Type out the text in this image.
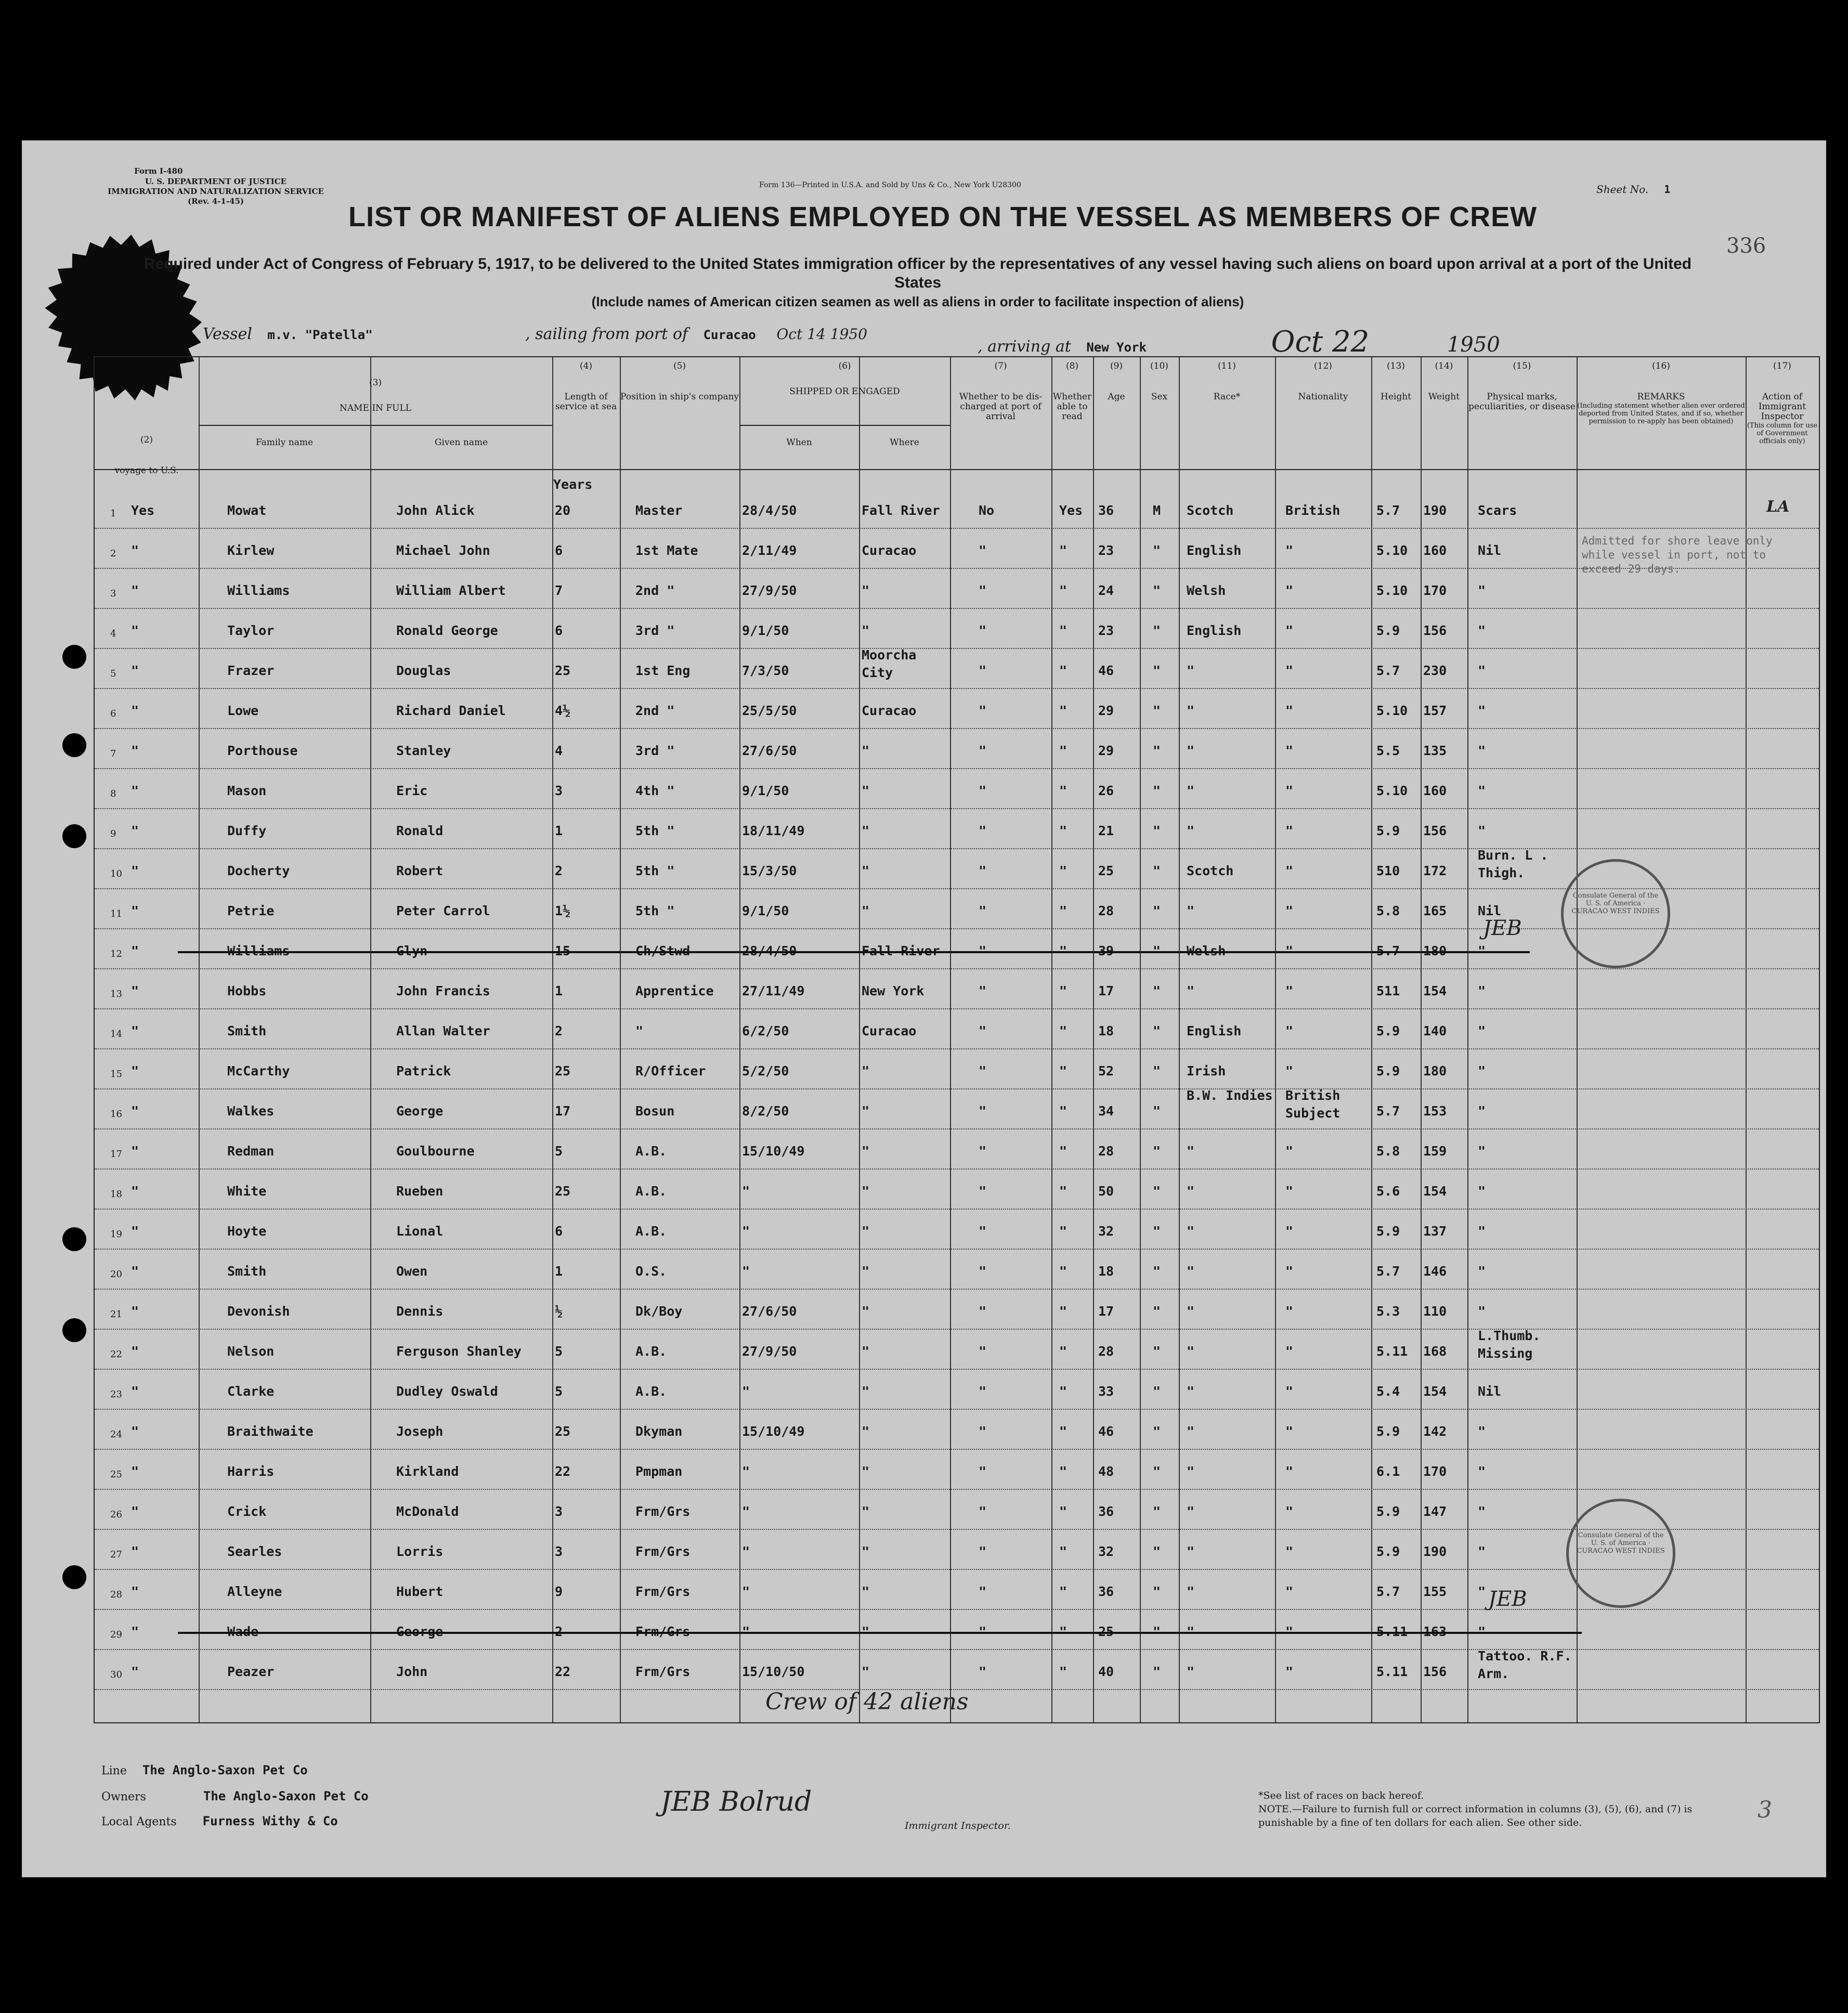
Form I-480
U. S. DEPARTMENT OF JUSTICE
IMMIGRATION AND NATURALIZATION SERVICE
(Rev. 4-1-45)
Form 136—Printed in U.S.A. and Sold by Uns & Co., New York U28300	Sheet No. 1
LIST OR MANIFEST OF ALIENS EMPLOYED ON THE VESSEL AS MEMBERS OF CREW
336
Required under Act of Congress of February 5, 1917, to be delivered to the United States immigration officer by the representatives of any vessel having such aliens on board upon arrival at a port of the United States
(Include names of American citizen seamen as well as aliens in order to facilitate inspection of aliens)
Vessel m.v. "Patella"	, sailing from port of Curacao Oct 14 1950
, arriving at New York	Oct 22	1950
(2)
voyage to U.S.
(3)
NAME IN FULL
Family name	Given name
(4)
Length of service at sea
(5)
Position in ship's company
(6)
SHIPPED OR ENGAGED
When	Where
(7)
Whether to be dis-charged at port of arrival
(8)
Whether able to read
(9)
Age
(10)
Sex
(11)
Race*
(12)
Nationality
(13)
Height
(14)
Weight
(15)
Physical marks, peculiarities, or disease
(16)
REMARKS
(Including statement whether alien ever ordered deported from United States, and if so, whether permission to re-apply has been obtained)
(17)
Action of Immigrant Inspector
(This column for use of Government officials only)
Years
1 Yes	Mowat	John Alick	20	Master	28/4/50	Fall River	No	Yes 36	M Scotch	British	5.7 190 Scars
2 "	Kirlew	Michael John	6	1st Mate	2/11/49	Curacao	"	" 23	" English	"	5.10 160 Nil
3 "	Williams	William Albert	7	2nd "	27/9/50	"	"	" 24	" Welsh	"	5.10 170 "
4 "	Taylor	Ronald George	6	3rd "	9/1/50	"	"	" 23	" English	"	5.9 156 "
5 "	Frazer	Douglas	25	1st Eng	7/3/50
Moorcha City	"	" 46	" "	"	5.7 230 "
6 "	Lowe	Richard Daniel	4½	2nd "	25/5/50	Curacao	"	" 29	" "	"	5.10 157 "
7 "	Porthouse	Stanley	4	3rd "	27/6/50	"	"	" 29	" "	"	5.5 135 "
8 "	Mason	Eric	3	4th "	9/1/50	"	"	" 26	" "	"	5.10 160 "
9 "	Duffy	Ronald	1	5th "	18/11/49	"	"	" 21	" "	"	5.9 156 "
10 "	Docherty	Robert	2	5th "	15/3/50	"	"	" 25	" Scotch	"	510 172
Burn. L . Thigh.
11 "	Petrie	Peter Carrol	1½	5th "	9/1/50	"	"	" 28	" "	"	5.8 165 Nil
12 "	Williams	Glyn	15	Ch/Stwd	28/4/50	Fall River	"	" 39	" Welsh	"	5.7 180 "
13 "	Hobbs	John Francis	1	Apprentice 27/11/49	New York	"	" 17	" "	"	511 154 "
14 "	Smith	Allan Walter	2	"	6/2/50	Curacao	"	" 18	" English	"	5.9 140 "
15 "	McCarthy	Patrick	25	R/Officer	5/2/50	"	"	" 52	" Irish	"	5.9 180 "
16 "	Walkes	George	17	Bosun	8/2/50	"	"	" 34	"
B.W. Indies British Subject	5.7 153 "
17 "	Redman	Goulbourne	5	A.B.	15/10/49	"	"	" 28	" "	"	5.8 159 "
18 "	White	Rueben	25	A.B.	"	"	"	" 50	" "	"	5.6 154 "
19 "	Hoyte	Lional	6	A.B.	"	"	"	" 32	" "	"	5.9 137 "
20 "	Smith	Owen	1	O.S.	"	"	"	" 18	" "	"	5.7 146 "
21 "	Devonish	Dennis	½	Dk/Boy	27/6/50	"	"	" 17	" "	"	5.3 110 "
22 "	Nelson	Ferguson Shanley	5	A.B.	27/9/50	"	"	" 28	" "	"	5.11 168
L.Thumb. Missing
23 "	Clarke	Dudley Oswald	5	A.B.	"	"	"	" 33	" "	"	5.4 154 Nil
24 "	Braithwaite	Joseph	25	Dkyman	15/10/49	"	"	" 46	" "	"	5.9 142 "
25 "	Harris	Kirkland	22	Pmpman	"	"	"	" 48	" "	"	6.1 170 "
26 "	Crick	McDonald	3	Frm/Grs	"	"	"	" 36	" "	"	5.9 147 "
27 "	Searles	Lorris	3	Frm/Grs	"	"	"	" 32	" "	"	5.9 190 "
28 "	Alleyne	Hubert	9	Frm/Grs	"	"	"	" 36	" "	"	5.7 155 "
29 "	Wade	George	2	Frm/Grs	"	"	"	" 25	" "	"	5.11 163 "
30 "	Peazer	John	22	Frm/Grs	15/10/50	"	"	" 40	" "	"	5.11 156
Tattoo. R.F. Arm.
Admitted for shore leave only while vessel in port, not to exceed 29 days.
LA
Crew of 42 aliens
Consulate General of the U. S. of America · CURACAO WEST INDIES
JEB
Consulate General of the U. S. of America · CURACAO WEST INDIES
JEB
Line The Anglo-Saxon Pet Co
Owners	The Anglo-Saxon Pet Co
Local Agents Furness Withy & Co
JEB Bolrud
Immigrant Inspector.
*See list of races on back hereof.
NOTE.—Failure to furnish full or correct information in columns (3), (5), (6), and (7) is punishable by a fine of ten dollars for each alien. See other side.	3
